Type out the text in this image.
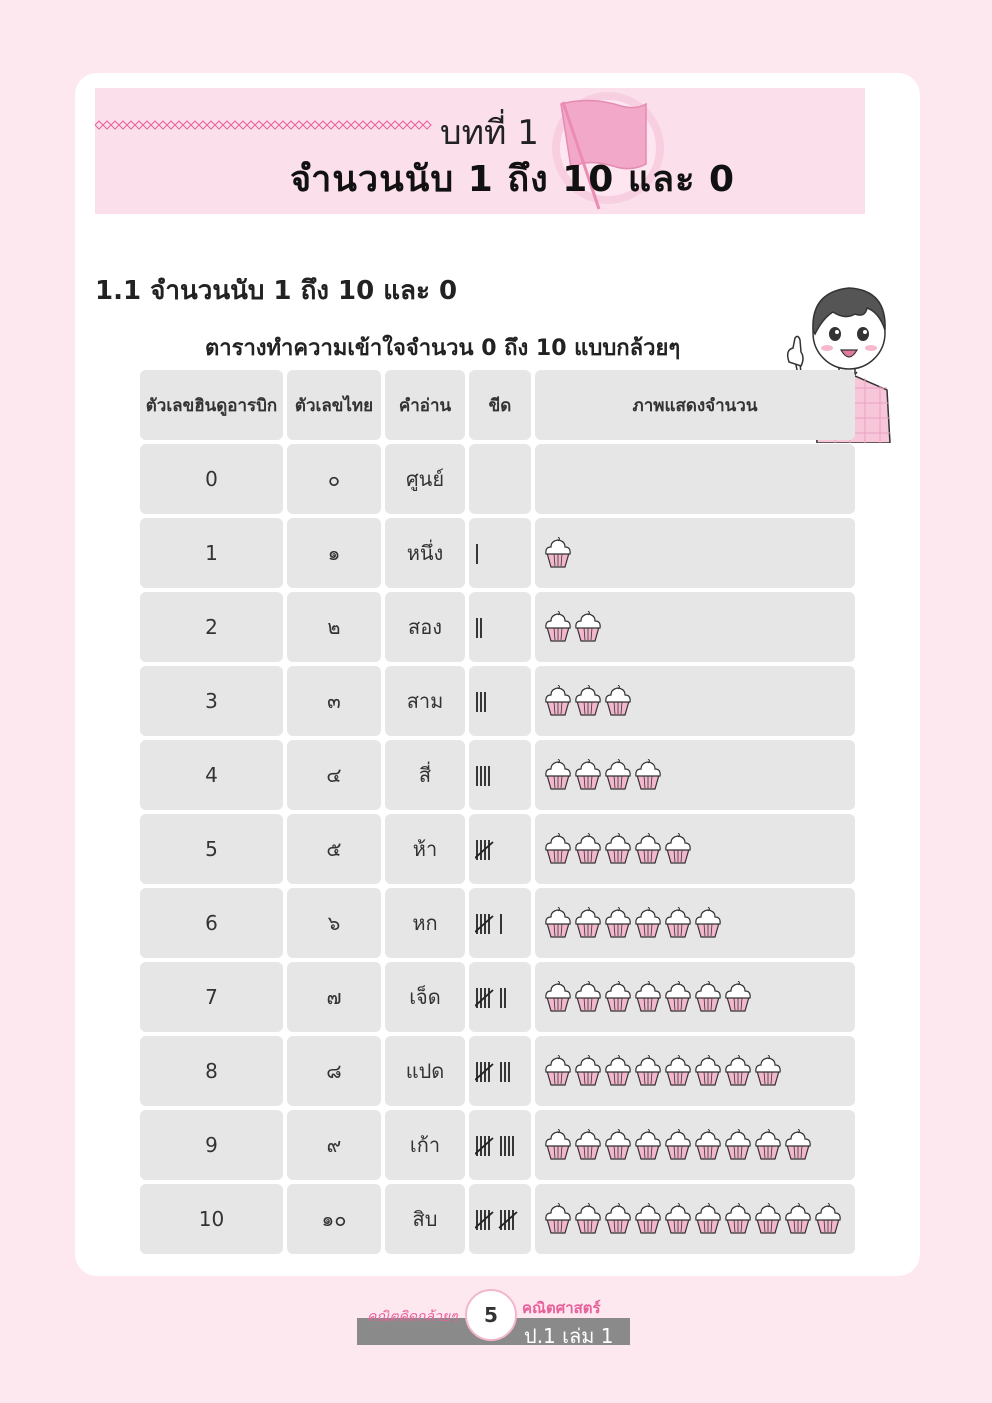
บทที่ 1
จำนวนนับ 1 ถึง 10 และ 0
1.1 จำนวนนับ 1 ถึง 10 และ 0
ตารางทำความเข้าใจจำนวน 0 ถึง 10 แบบกล้วยๆ
ตัวเลขฮินดูอารบิก	ตัวเลขไทย	คำอ่าน	ขีด	ภาพแสดงจำนวน
0	๐	ศูนย์
1	๑	หนึ่ง
2	๒	สอง
3	๓	สาม
4	๔	สี่
5	๕	ห้า
6	๖	หก
7	๗	เจ็ด
8	๘	แปด
9	๙	เก้า
10	๑๐	สิบ
คณิตคิดกล้วยๆ	5	คณิตศาสตร์
ป.1 เล่ม 1
